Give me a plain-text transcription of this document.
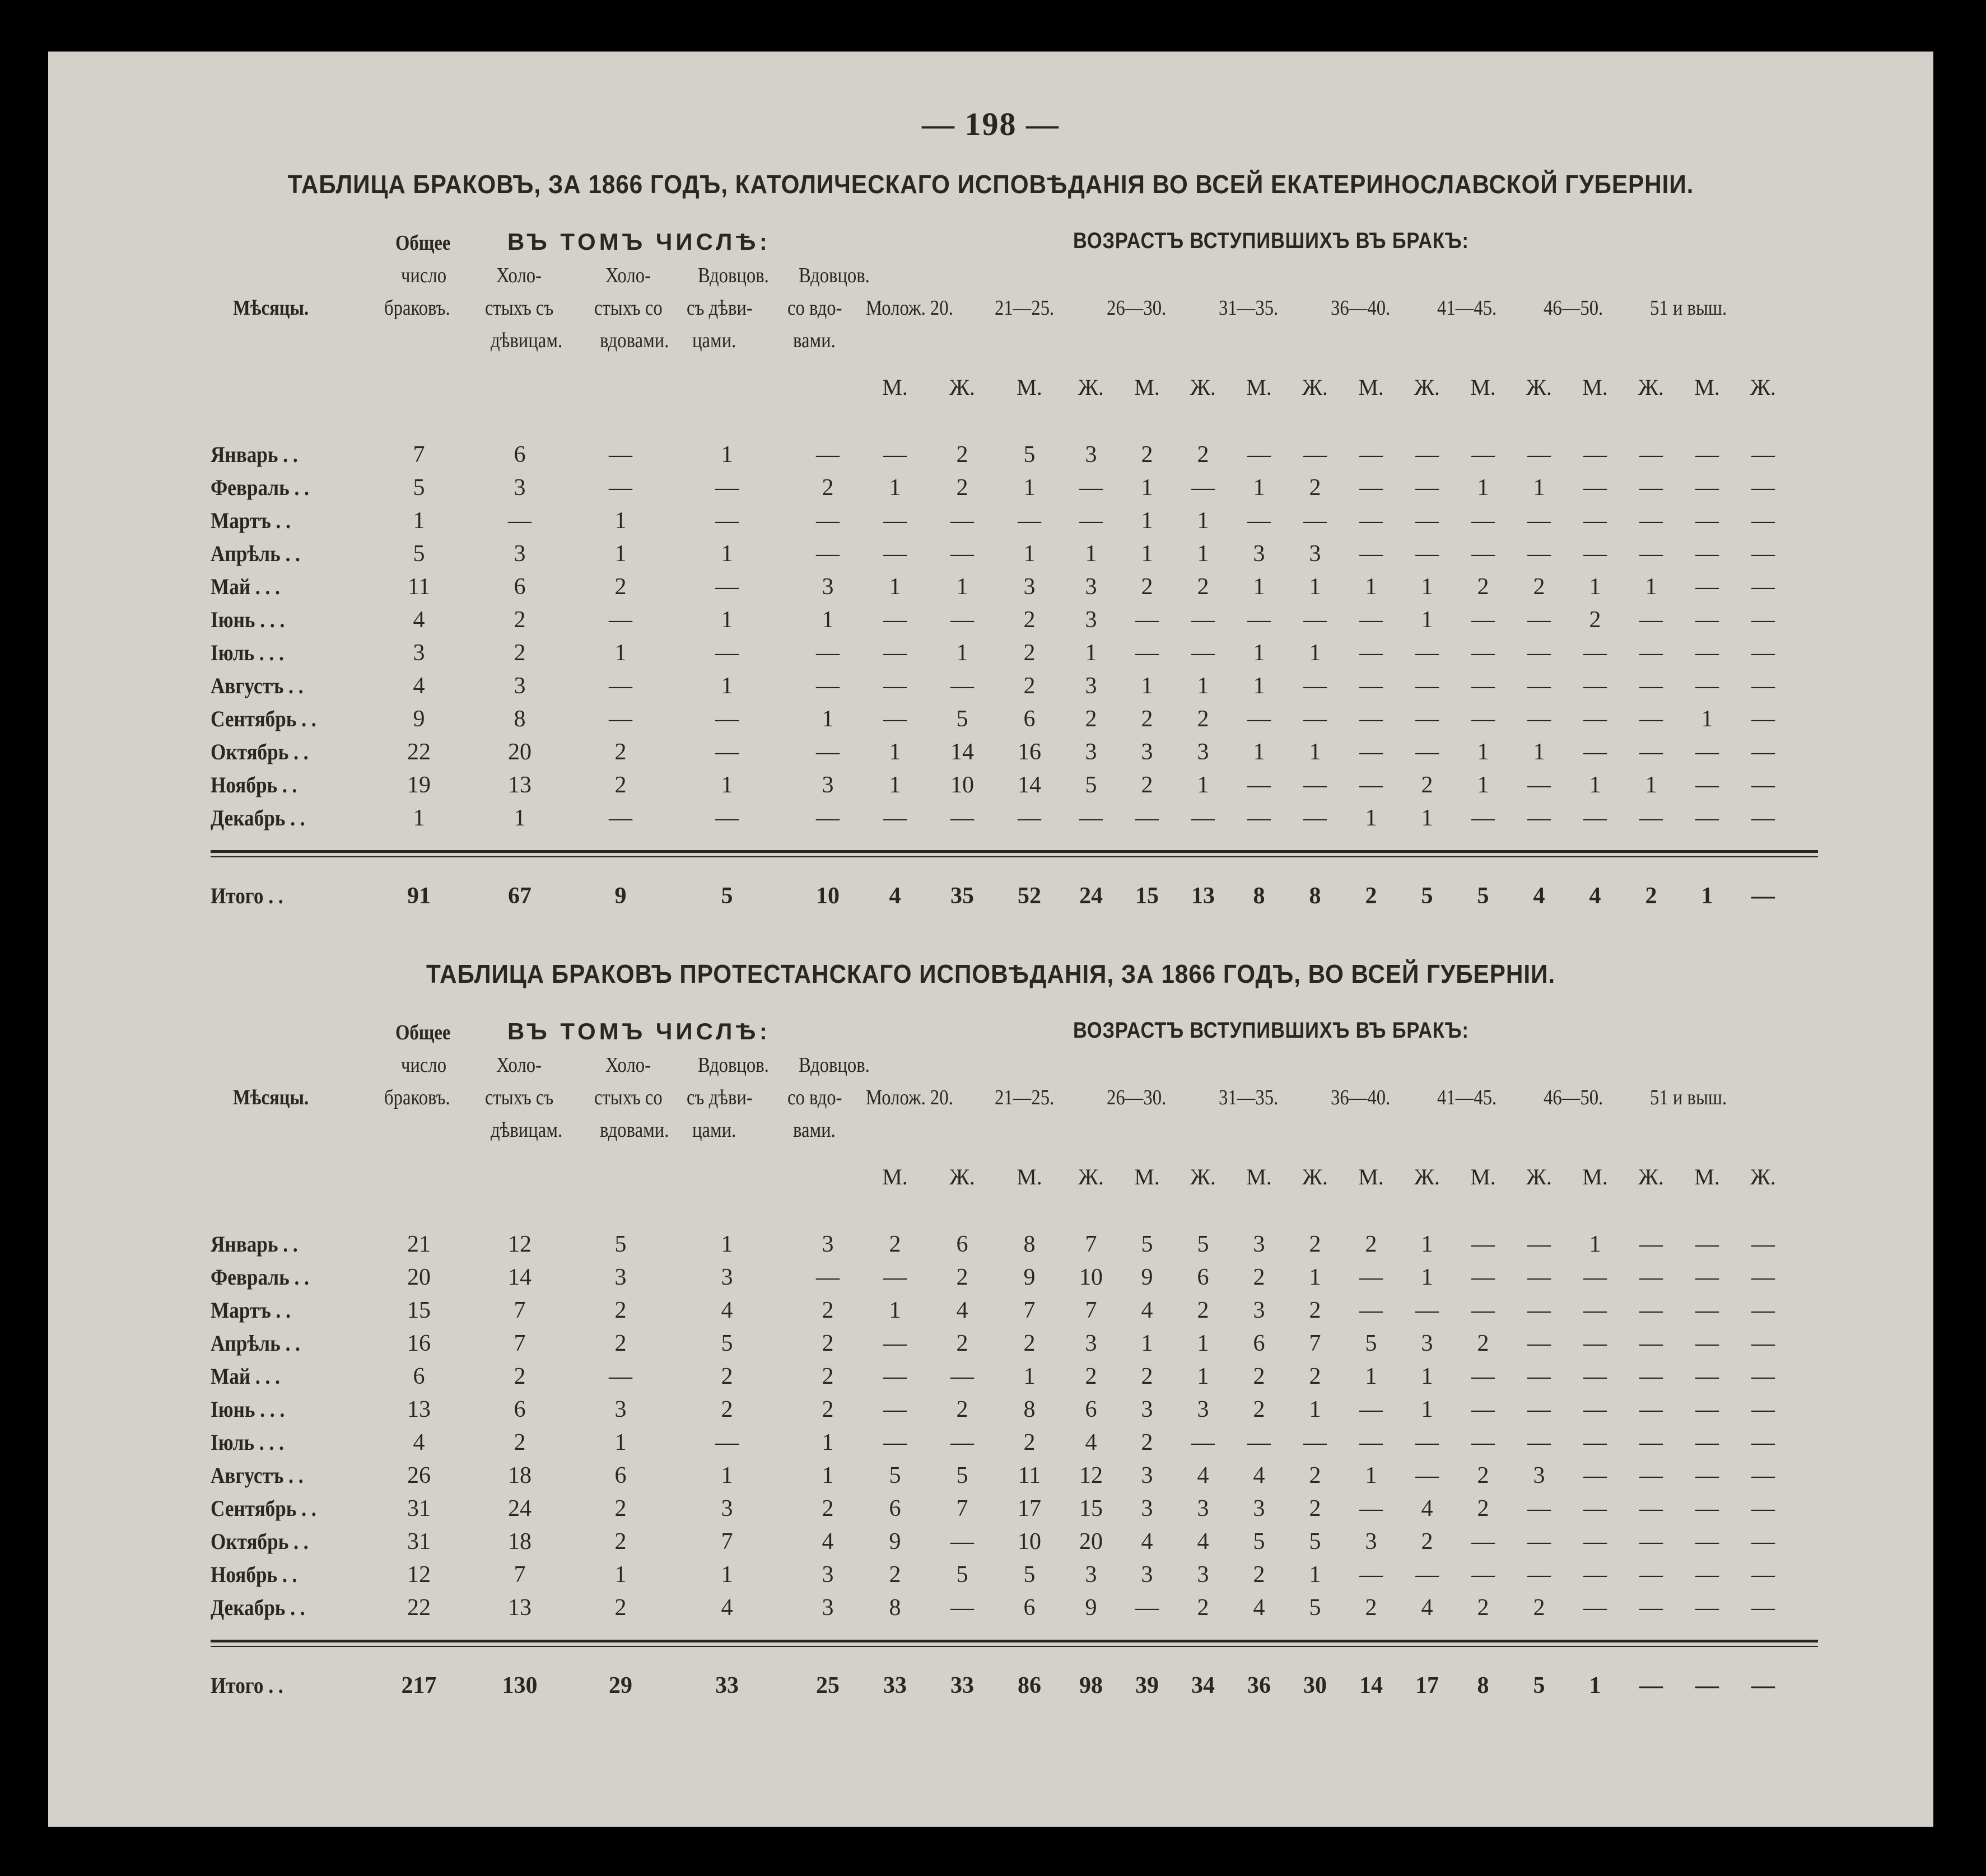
— 198 —
ТАБЛИЦА БРАКОВЪ, ЗА 1866 ГОДЪ, КАТОЛИЧЕСКАГО ИСПОВѢДАНІЯ ВО ВСЕЙ ЕКАТЕРИНОСЛАВСКОЙ ГУБЕРНІИ.
ВЪ ТОМЪ ЧИСЛѢ:	ВОЗРАСТЪ ВСТУПИВШИХЪ ВЪ БРАКЪ:
Общее
число
браковъ.
Мѣсяцы.
Холо-
стыхъ съ
дѣвицам.
Холо-
стыхъ со
вдовами.
Вдовцов.
съ дѣви-
цами.
Вдовцов.
со вдо-
вами.
Молож. 20. 21—25. 26—30. 31—35. 36—40. 41—45. 46—50. 51 и выш.
М.	Ж.	М.	Ж.	М.	Ж.	М.	Ж.	М.	Ж.	М.	Ж.	М.	Ж.	М.	Ж.
Январь . .	7	6	—	1	—	—	2	5	3	2	2	—	—	—	—	—	—	—	—	—	—
Февраль . .	5	3	—	—	2	1	2	1	—	1	—	1	2	—	—	1	1	—	—	—	—
Мартъ . .	1	—	1	—	—	—	—	—	—	1	1	—	—	—	—	—	—	—	—	—	—
Апрѣль . .	5	3	1	1	—	—	—	1	1	1	1	3	3	—	—	—	—	—	—	—	—
Май . . .	11	6	2	—	3	1	1	3	3	2	2	1	1	1	1	2	2	1	1	—	—
Іюнь . . .	4	2	—	1	1	—	—	2	3	—	—	—	—	—	1	—	—	2	—	—	—
Іюль . . .	3	2	1	—	—	—	1	2	1	—	—	1	1	—	—	—	—	—	—	—	—
Августъ . .	4	3	—	1	—	—	—	2	3	1	1	1	—	—	—	—	—	—	—	—	—
Сентябрь . .	9	8	—	—	1	—	5	6	2	2	2	—	—	—	—	—	—	—	—	1	—
Октябрь . .	22	20	2	—	—	1	14	16	3	3	3	1	1	—	—	1	1	—	—	—	—
Ноябрь . .	19	13	2	1	3	1	10	14	5	2	1	—	—	—	2	1	—	1	1	—	—
Декабрь . .	1	1	—	—	—	—	—	—	—	—	—	—	—	1	1	—	—	—	—	—	—
Итого . .	91	67	9	5	10	4	35	52	24	15	13	8	8	2	5	5	4	4	2	1	—
ТАБЛИЦА БРАКОВЪ ПРОТЕСТАНСКАГО ИСПОВѢДАНІЯ, ЗА 1866 ГОДЪ, ВО ВСЕЙ ГУБЕРНІИ.
ВЪ ТОМЪ ЧИСЛѢ:	ВОЗРАСТЪ ВСТУПИВШИХЪ ВЪ БРАКЪ:
Общее
число
браковъ.
Мѣсяцы.
Холо-
стыхъ съ
дѣвицам.
Холо-
стыхъ со
вдовами.
Вдовцов.
съ дѣви-
цами.
Вдовцов.
со вдо-
вами.
Молож. 20. 21—25. 26—30. 31—35. 36—40. 41—45. 46—50. 51 и выш.
М.	Ж.	М.	Ж.	М.	Ж.	М.	Ж.	М.	Ж.	М.	Ж.	М.	Ж.	М.	Ж.
Январь . .	21	12	5	1	3	2	6	8	7	5	5	3	2	2	1	—	—	1	—	—	—
Февраль . .	20	14	3	3	—	—	2	9	10	9	6	2	1	—	1	—	—	—	—	—	—
Мартъ . .	15	7	2	4	2	1	4	7	7	4	2	3	2	—	—	—	—	—	—	—	—
Апрѣль . .	16	7	2	5	2	—	2	2	3	1	1	6	7	5	3	2	—	—	—	—	—
Май . . .	6	2	—	2	2	—	—	1	2	2	1	2	2	1	1	—	—	—	—	—	—
Іюнь . . .	13	6	3	2	2	—	2	8	6	3	3	2	1	—	1	—	—	—	—	—	—
Іюль . . .	4	2	1	—	1	—	—	2	4	2	—	—	—	—	—	—	—	—	—	—	—
Августъ . .	26	18	6	1	1	5	5	11	12	3	4	4	2	1	—	2	3	—	—	—	—
Сентябрь . .	31	24	2	3	2	6	7	17	15	3	3	3	2	—	4	2	—	—	—	—	—
Октябрь . .	31	18	2	7	4	9	—	10	20	4	4	5	5	3	2	—	—	—	—	—	—
Ноябрь . .	12	7	1	1	3	2	5	5	3	3	3	2	1	—	—	—	—	—	—	—	—
Декабрь . .	22	13	2	4	3	8	—	6	9	—	2	4	5	2	4	2	2	—	—	—	—
Итого . .	217	130	29	33	25	33	33	86	98	39	34	36	30	14	17	8	5	1	—	—	—
